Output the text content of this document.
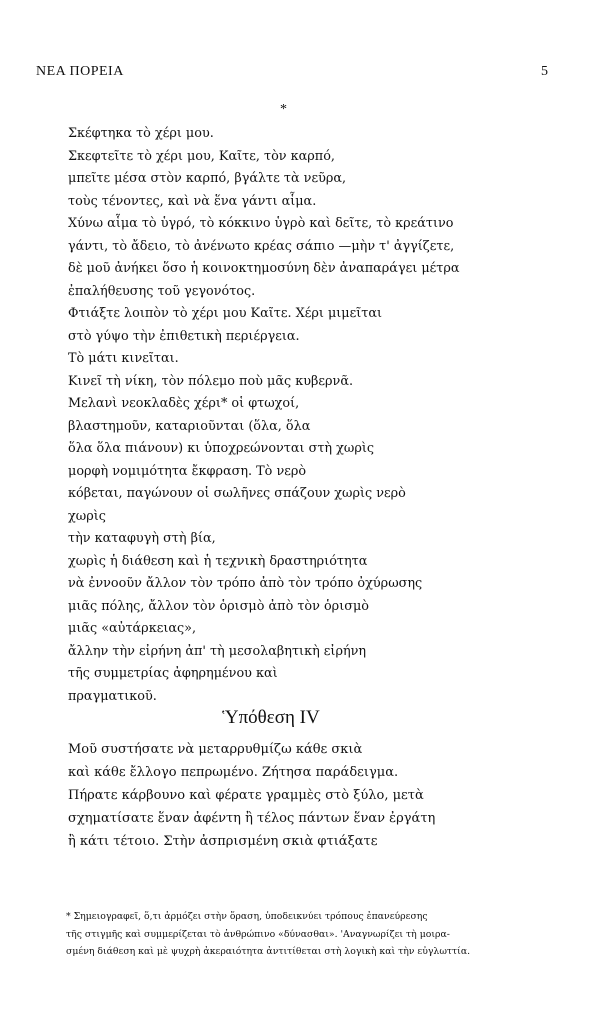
ΝΕΑ ΠΟΡΕΙΑ	5
*
Σκέφτηκα τὸ χέρι μου.
Σκεφτεῖτε τὸ χέρι μου, Καῖτε, τὸν καρπό,
μπεῖτε μέσα στὸν καρπό, βγάλτε τὰ νεῦρα,
τοὺς τένοντες, καὶ νὰ ἕνα γάντι αἷμα.
Χύνω αἷμα τὸ ὑγρό, τὸ κόκκινο ὑγρὸ καὶ δεῖτε, τὸ κρεάτινο
γάντι, τὸ ἄδειο, τὸ ἀνένωτο κρέας σάπιο —μὴν τ' ἀγγίζετε,
δὲ μοῦ ἀνήκει ὅσο ἡ κοινοκτημοσύνη δὲν ἀναπαράγει μέτρα
ἐπαλήθευσης τοῦ γεγονότος.
Φτιάξτε λοιπὸν τὸ χέρι μου Καῖτε. Χέρι μιμεῖται
στὸ γύψο τὴν ἐπιθετικὴ περιέργεια.
Τὸ μάτι κινεῖται.
Κινεῖ τὴ νίκη, τὸν πόλεμο ποὺ μᾶς κυβερνᾶ.
Μελανὶ νεοκλαδὲς χέρι* οἱ φτωχοί,
βλαστημοῦν, καταριοῦνται (ὅλα, ὅλα
ὅλα ὅλα πιάνουν) κι ὑποχρεώνονται στὴ χωρὶς
μορφὴ νομιμότητα ἔκφραση. Τὸ νερὸ
κόβεται, παγώνουν οἱ σωλῆνες σπάζουν χωρὶς νερὸ
χωρὶς
τὴν καταφυγὴ στὴ βία,
χωρὶς ἡ διάθεση καὶ ἡ τεχνικὴ δραστηριότητα
νὰ ἐννοοῦν ἄλλον τὸν τρόπο ἀπὸ τὸν τρόπο ὀχύρωσης
μιᾶς πόλης, ἄλλον τὸν ὁρισμὸ ἀπὸ τὸν ὁρισμὸ
μιᾶς «αὐτάρκειας»,
ἄλλην τὴν εἰρήνη ἀπ' τὴ μεσολαβητικὴ εἰρήνη
τῆς συμμετρίας ἀφηρημένου καὶ
πραγματικοῦ.
Ὑπόθεση IV
Μοῦ συστήσατε νὰ μεταρρυθμίζω κάθε σκιὰ
καὶ κάθε ἔλλογο πεπρωμένο. Ζήτησα παράδειγμα.
Πήρατε κάρβουνο καὶ φέρατε γραμμὲς στὸ ξύλο, μετὰ
σχηματίσατε ἕναν ἀφέντη ἢ τέλος πάντων ἕναν ἐργάτη
ἢ κάτι τέτοιο. Στὴν ἀσπρισμένη σκιὰ φτιάξατε
* Σημειογραφεῖ, ὅ,τι ἁρμόζει στὴν ὅραση, ὑποδεικνύει τρόπους ἐπανεύρεσης
τῆς στιγμῆς καὶ συμμερίζεται τὸ ἀνθρώπινο «δύνασθαι». 'Αναγνωρίζει τὴ μοιρα-
σμένη διάθεση καὶ μὲ ψυχρὴ ἀκεραιότητα ἀντιτίθεται στὴ λογικὴ καὶ τὴν εὐγλωττία.
